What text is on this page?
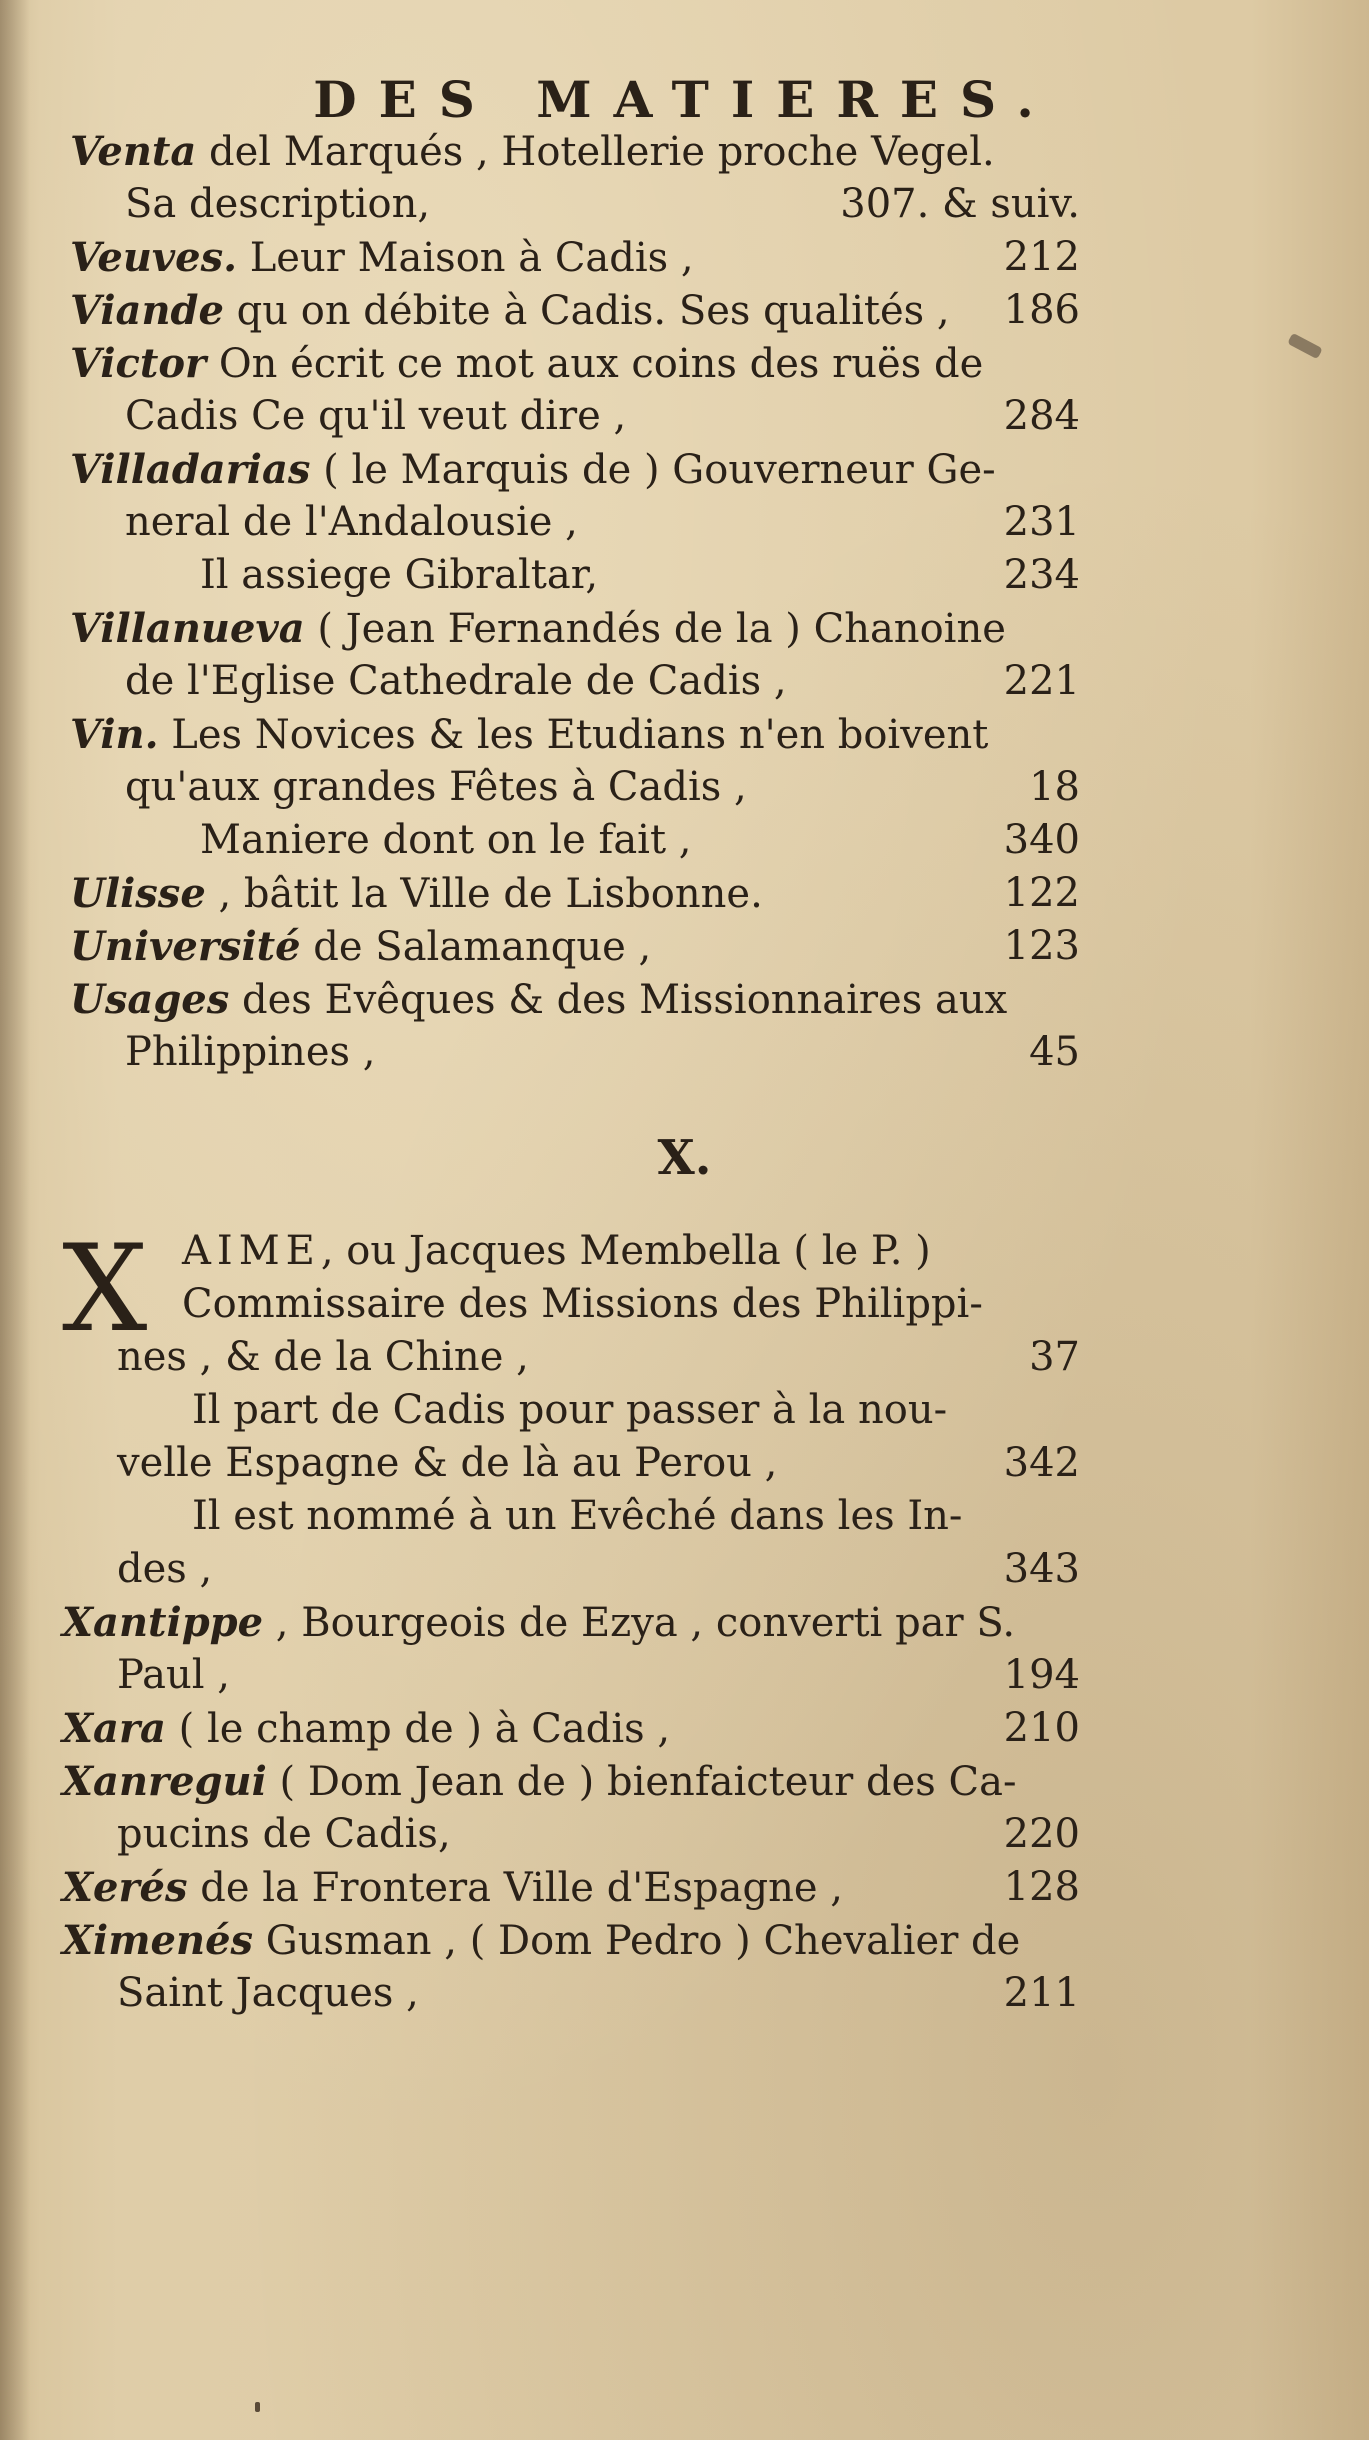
DES MATIERES.
Venta del Marqués , Hotellerie proche Vegel.
Sa description,	307. & suiv.
Veuves. Leur Maison à Cadis ,	212
Viande qu on débite à Cadis. Ses qualités , 186
Victor On écrit ce mot aux coins des ruës de
Cadis Ce qu'il veut dire ,	284
Villadarias ( le Marquis de ) Gouverneur Ge-
neral de l'Andalousie ,	231
Il assiege Gibraltar,	234
Villanueva ( Jean Fernandés de la ) Chanoine
de l'Eglise Cathedrale de Cadis ,	221
Vin. Les Novices & les Etudians n'en boivent
qu'aux grandes Fêtes à Cadis ,	18
Maniere dont on le fait ,	340
Ulisse , bâtit la Ville de Lisbonne.	122
Université de Salamanque ,	123
Usages des Evêques & des Missionnaires aux
Philippines ,	45
X.
X AIME, ou Jacques Membella ( le P. )
Commissaire des Missions des Philippi-
nes , & de la Chine ,	37
Il part de Cadis pour passer à la nou-
velle Espagne & de là au Perou ,	342
Il est nommé à un Evêché dans les In-
des ,	343
Xantippe , Bourgeois de Ezya , converti par S.
Paul ,	194
Xara ( le champ de ) à Cadis ,	210
Xanregui ( Dom Jean de ) bienfaicteur des Ca-
pucins de Cadis,	220
Xerés de la Frontera Ville d'Espagne ,	128
Ximenés Gusman , ( Dom Pedro ) Chevalier de
Saint Jacques ,	211
